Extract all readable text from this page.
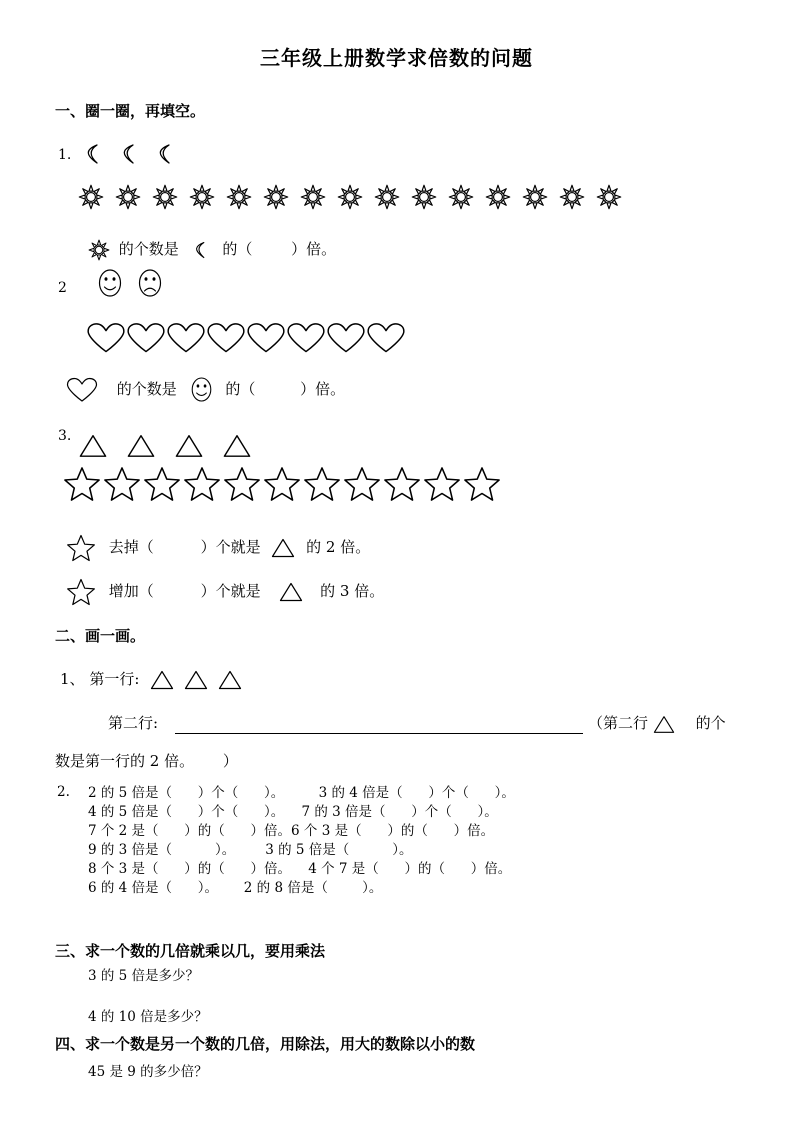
三年级上册数学求倍数的问题
一、圈一圈，再填空。
1.
的个数是	的（	）倍。
2
的个数是	的（	）倍。
3.
去掉（	）个就是	的 2 倍。
增加（	）个就是	的 3 倍。
二、画一画。
1、 第一行:
第二行:	（第二行	的个
数是第一行的 2 倍。 ）
2. 2 的 5 倍是（      ）个（      ）。        3 的 4 倍是（      ）个（      ）。
4 的 5 倍是（      ）个（      ）。    7 的 3 倍是（      ）个（      ）。
7 个 2 是（      ）的（      ）倍。6 个 3 是（      ）的（      ）倍。
9 的 3 倍是（          ）。       3 的 5 倍是（          ）。
8 个 3 是（      ）的（      ）倍。    4 个 7 是（      ）的（      ）倍。
6 的 4 倍是（      ）。      2 的 8 倍是（        ）。
三、求一个数的几倍就乘以几，要用乘法
3 的 5 倍是多少？
4 的 10 倍是多少？
四、求一个数是另一个数的几倍，用除法，用大的数除以小的数
45 是 9 的多少倍？
